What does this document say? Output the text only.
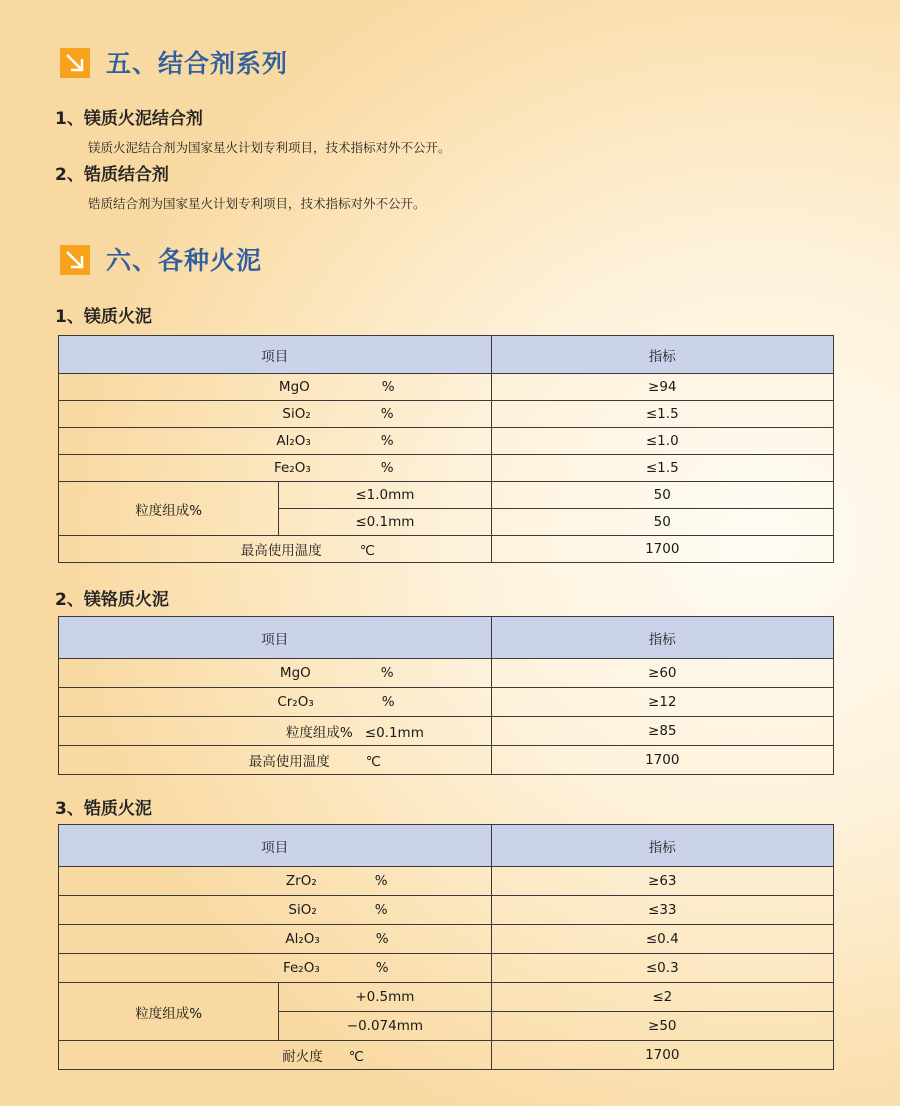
五、结合剂系列
1、镁质火泥结合剂
镁质火泥结合剂为国家星火计划专利项目，技术指标对外不公开。
2、锆质结合剂
锆质结合剂为国家星火计划专利项目，技术指标对外不公开。
六、各种火泥
1、镁质火泥
项目		指标
MgO %		≥94
SiO₂ %		≤1.5
Al₂O₃ %		≤1.0
Fe₂O₃ %		≤1.5
粒度组成%	≤1.0mm	50
	≤0.1mm	50
最高使用温度 ℃		1700
2、镁铬质火泥
项目	指标
MgO %	≥60
Cr₂O₃ %	≥12
粒度组成% ≤0.1mm	≥85
最高使用温度 ℃	1700
3、锆质火泥
项目		指标
ZrO₂ %		≥63
SiO₂ %		≤33
Al₂O₃ %		≤0.4
Fe₂O₃ %		≤0.3
粒度组成%	+0.5mm	≤2
	−0.074mm	≥50
耐火度 ℃		1700
